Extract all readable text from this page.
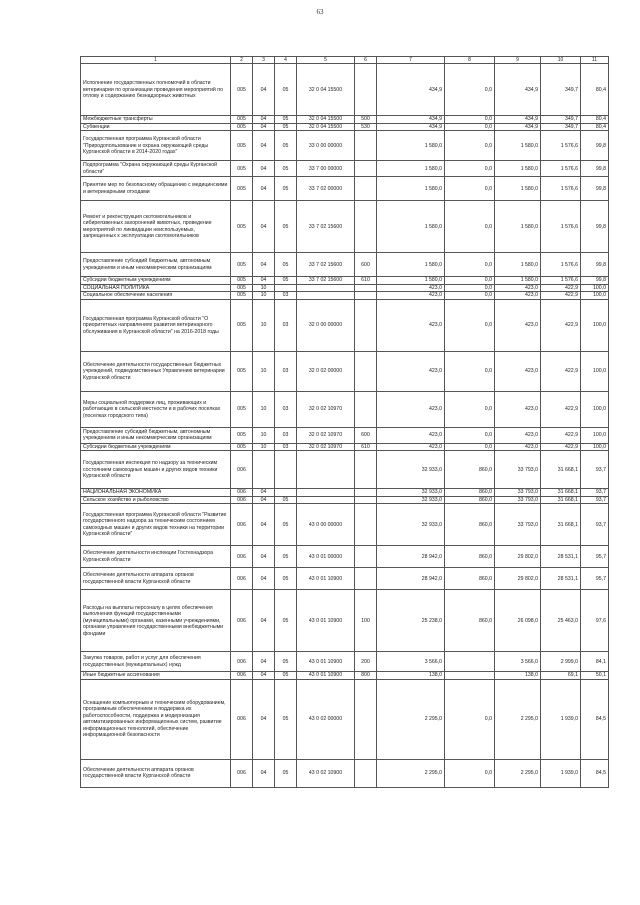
63
1	2	3	4	5	6	7	8	9	10	11
Исполнение государственных полномочий в области ветеринарии по организации проведения мероприятий по отлову и содержанию безнадзорных животных	005	04	05	32 0 04 15500		434,9	0,0	434,9	349,7	80,4
Межбюджетные трансферты	005	04	05	32 0 04 15500	500	434,9	0,0	434,9	349,7	80,4
Субвенции	005	04	05	32 0 04 15500	530	434,9	0,0	434,9	349,7	80,4
Государственная программа Курганской области "Природопользование и охрана окружающей среды Курганской области в 2014-2020 годах"	005	04	05	33 0 00 00000		1 580,0	0,0	1 580,0	1 576,6	99,8
Подпрограмма "Охрана окружающей среды Курганской области"	005	04	05	33 7 00 00000		1 580,0	0,0	1 580,0	1 576,6	99,8
Принятие мер по безопасному обращению с медицинскими и ветеринарными отходами	005	04	05	33 7 02 00000		1 580,0	0,0	1 580,0	1 576,6	99,8
Ремонт и реконструкция скотомогильников и сибиреязвенных захоронений животных, проведение мероприятий по ликвидации неиспользуемых, запрещенных к эксплуатации скотомогильников	005	04	05	33 7 02 15600		1 580,0	0,0	1 580,0	1 576,6	99,8
Предоставление субсидий бюджетным, автономным учреждениям и иным некоммерческим организациям	005	04	05	33 7 02 15600	600	1 580,0	0,0	1 580,0	1 576,6	99,8
Субсидии бюджетным учреждениям	005	04	05	33 7 02 15600	610	1 580,0	0,0	1 580,0	1 576,6	99,8
СОЦИАЛЬНАЯ ПОЛИТИКА	005	10				423,0	0,0	423,0	422,9	100,0
Социальное обеспечение населения	005	10	03			423,0	0,0	423,0	422,9	100,0
Государственная программа Курганской области "О приоритетных направлениях развития ветеринарного обслуживания в Курганской области" на 2016-2018 годы	005	10	03	32 0 00 00000		423,0	0,0	423,0	422,9	100,0
Обеспечение деятельности государственных бюджетных учреждений, подведомственных Управлению ветеринарии Курганской области	005	10	03	32 0 02 00000		423,0	0,0	423,0	422,9	100,0
Меры социальной поддержки лиц, проживающих и работающих в сельской местности и в рабочих поселках (поселках городского типа)	005	10	03	32 0 02 10970		423,0	0,0	423,0	422,9	100,0
Предоставление субсидий бюджетным, автономным учреждениям и иным некоммерческим организациям	005	10	03	32 0 02 10970	600	423,0	0,0	423,0	422,9	100,0
Субсидии бюджетным учреждениям	005	10	03	32 0 02 10970	610	423,0	0,0	423,0	422,9	100,0
Государственная инспекция по надзору за техническим состоянием самоходных машин и других видов техники Курганской области	006					32 933,0	860,0	33 793,0	31 668,1	93,7
НАЦИОНАЛЬНАЯ ЭКОНОМИКА	006	04				32 933,0	860,0	33 793,0	31 668,1	93,7
Сельское хозяйство и рыболовство	006	04	05			32 933,0	860,0	33 793,0	31 668,1	93,7
Государственная программа Курганской области "Развитие государственного надзора за техническим состоянием самоходных машин и других видов техники на территории Курганской области"	006	04	05	43 0 00 00000		32 933,0	860,0	33 793,0	31 668,1	93,7
Обеспечение деятельности инспекции Гостехнадзора Курганской области	006	04	05	43 0 01 00000		28 942,0	860,0	29 802,0	28 531,1	95,7
Обеспечение деятельности аппарата органов государственной власти Курганской области	006	04	05	43 0 01 10900		28 942,0	860,0	29 802,0	28 531,1	95,7
Расходы на выплаты персоналу в целях обеспечения выполнения функций государственными (муниципальными) органами, казенными учреждениями, органами управления государственными внебюджетными фондами	006	04	05	43 0 01 10900	100	25 238,0	860,0	26 098,0	25 463,0	97,6
Закупка товаров, работ и услуг для обеспечения государственных (муниципальных) нужд	006	04	05	43 0 01 10900	200	3 566,0		3 566,0	2 999,0	84,1
Иные бюджетные ассигнования	006	04	05	43 0 01 10900	800	138,0		138,0	69,1	50,1
Оснащение компьютерным и техническим оборудованием, программным обеспечением и поддержка их работоспособности, поддержка и модернизация автоматизированных информационных систем, развитие информационных технологий, обеспечение информационной безопасности	006	04	05	43 0 02 00000		2 295,0	0,0	2 295,0	1 939,0	84,5
Обеспечение деятельности аппарата органов государственной власти Курганской области	006	04	05	43 0 02 10900		2 295,0	0,0	2 295,0	1 939,0	84,5
